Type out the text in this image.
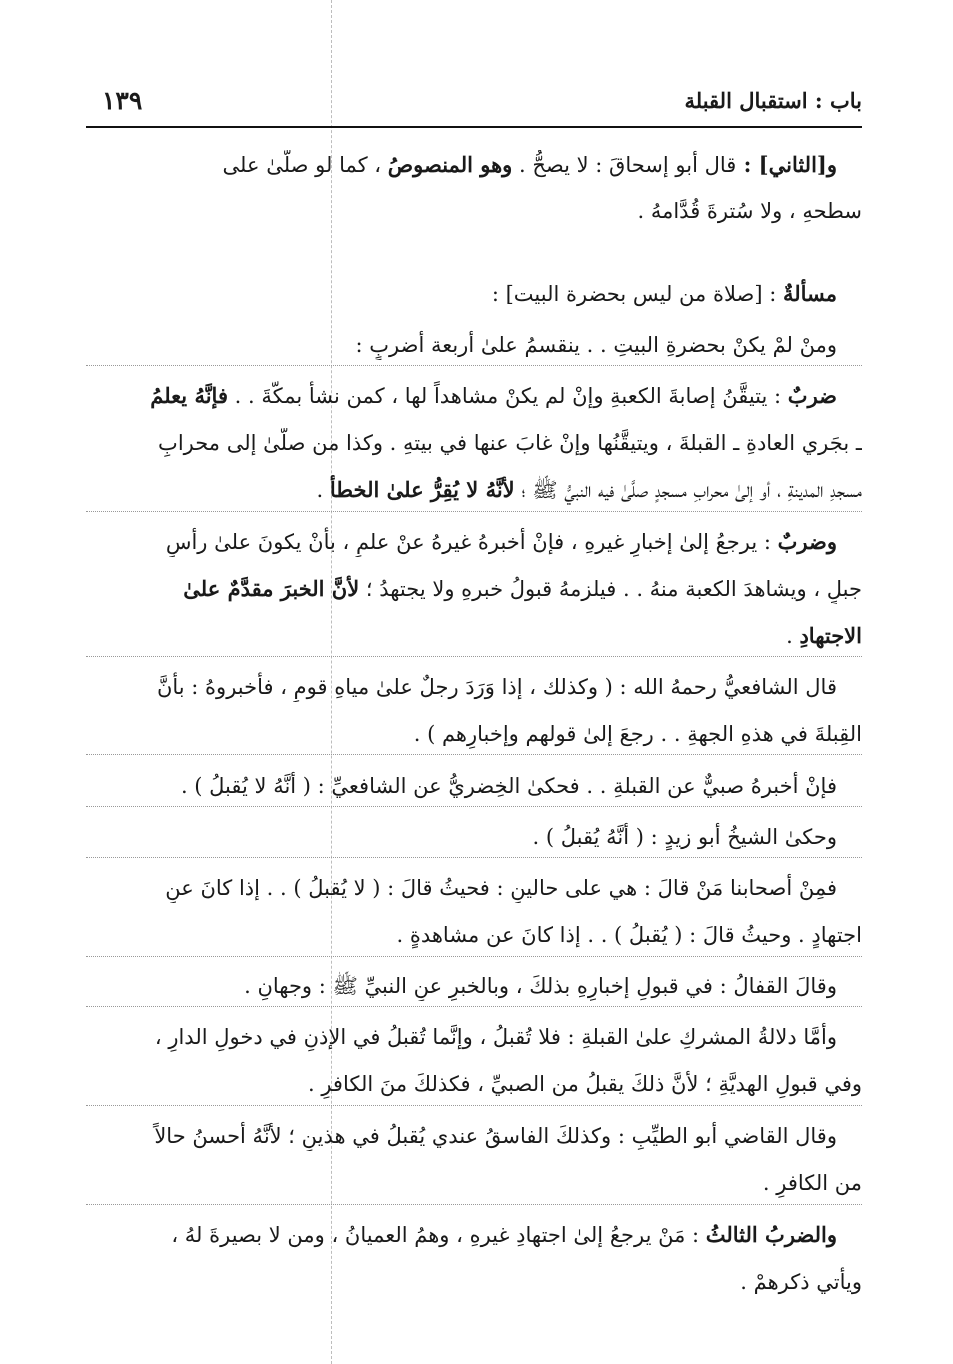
باب : استقبال القبلة
١٣٩
و[الثاني] : قال أبو إسحاقَ : لا يصحُّ . وهو المنصوصُ ، كما لو صلَّىٰ على
سطحهِ ، ولا سُترةَ قُدَّامهُ .
مسألةٌ : [صلاة من ليس بحضرة البيت] :
ومنْ لمْ يكنْ بحضرةِ البيتِ . . ينقسمُ علىٰ أربعة أضربٍ :
ضربٌ : يتيقَّنُ إصابةَ الكعبةِ وإنْ لم يكنْ مشاهداً لها ، كمن نشأ بمكَّةَ . . فإنَّهُ يعلمُ
ـ بجَري العادةِ ـ القبلةَ ، ويتيقَّنُها وإنْ غابَ عنها في بيتهِ . وكذا من صلَّىٰ إلى محرابِ
مسجدِ المدينةِ ، أو إلىٰ محرابِ مسجدٍ صلَّىٰ فيه النبيُّ ﷺ ؛ لأنَّهُ لا يُقِرُّ علىٰ الخطأ .
وضربٌ : يرجعُ إلىٰ إخبارِ غيرهِ ، فإنْ أخبرهُ غيرهُ عنْ علمٍ ، بأنْ يكونَ علىٰ رأسِ
جبلٍ ، ويشاهدَ الكعبة منهُ . . فيلزمهُ قبولُ خبرهِ ولا يجتهدُ ؛ لأنَّ الخبرَ مقدَّمٌ علىٰ
الاجتهادِ .
قال الشافعيُّ رحمهُ الله : ( وكذلك ، إذا وَرَدَ رجلٌ علىٰ مياهِ قومٍ ، فأخبروهُ : بأنَّ
القِبلةَ في هذهِ الجهةِ . . رجعَ إلىٰ قولهم وإخبارِهم ) .
فإنْ أخبرهُ صبيٌّ عن القبلةِ . . فحكىٰ الخِضريُّ عن الشافعيِّ : ( أنَّهُ لا يُقبلُ ) .
وحكىٰ الشيخُ أبو زيدٍ : ( أنَّهُ يُقبلُ ) .
فمِنْ أصحابنا مَنْ قالَ : هي على حالينِ : فحيثُ قالَ : ( لا يُقبلُ ) . . إذا كانَ عنِ
اجتهادٍ . وحيثُ قالَ : ( يُقبلُ ) . . إذا كانَ عن مشاهدةٍ .
وقالَ القفالُ : في قبولِ إخبارِهِ بذلكَ ، وبالخبرِ عنِ النبيِّ ﷺ : وجهانِ .
وأمَّا دلالةُ المشركِ علىٰ القبلةِ : فلا تُقبلُ ، وإنَّما تُقبلُ في الإذنِ في دخولِ الدارِ ،
وفي قبولِ الهديَّةِ ؛ لأنَّ ذلكَ يقبلُ من الصبيِّ ، فكذلكَ منَ الكافرِ .
وقال القاضي أبو الطيِّبِ : وكذلكَ الفاسقُ عندي يُقبلُ في هذينِ ؛ لأنَّهُ أحسنُ حالاً
من الكافرِ .
والضربُ الثالثُ : مَنْ يرجعُ إلىٰ اجتهادِ غيرهِ ، وهمُ العميانُ ، ومن لا بصيرةَ لهُ ،
ويأتي ذكرهمْ .
